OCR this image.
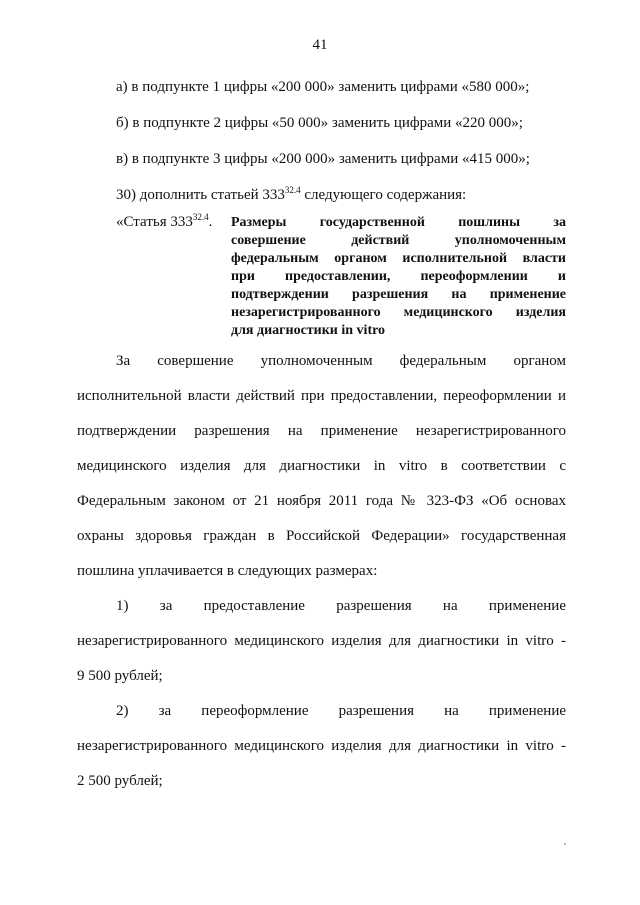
41
а) в подпункте 1 цифры «200 000» заменить цифрами «580 000»;
б) в подпункте 2 цифры «50 000» заменить цифрами «220 000»;
в) в подпункте 3 цифры «200 000» заменить цифрами «415 000»;
30) дополнить статьей $333^{32.4}$ следующего содержания:
«Статья $333^{32.4}$. Размеры государственной пошлины за
совершение действий уполномоченным
федеральным органом исполнительной власти
при предоставлении, переоформлении и
подтверждении разрешения на применение
незарегистрированного медицинского изделия
для диагностики in vitro
За совершение уполномоченным федеральным органом
исполнительной власти действий при предоставлении, переоформлении и
подтверждении разрешения на применение незарегистрированного
медицинского изделия для диагностики in vitro в соответствии с
Федеральным законом от 21 ноября 2011 года № 323-ФЗ «Об основах
охраны здоровья граждан в Российской Федерации» государственная
пошлина уплачивается в следующих размерах:
1) за предоставление разрешения на применение
незарегистрированного медицинского изделия для диагностики in vitro -
9 500 рублей;
2) за переоформление разрешения на применение
незарегистрированного медицинского изделия для диагностики in vitro -
2 500 рублей;
